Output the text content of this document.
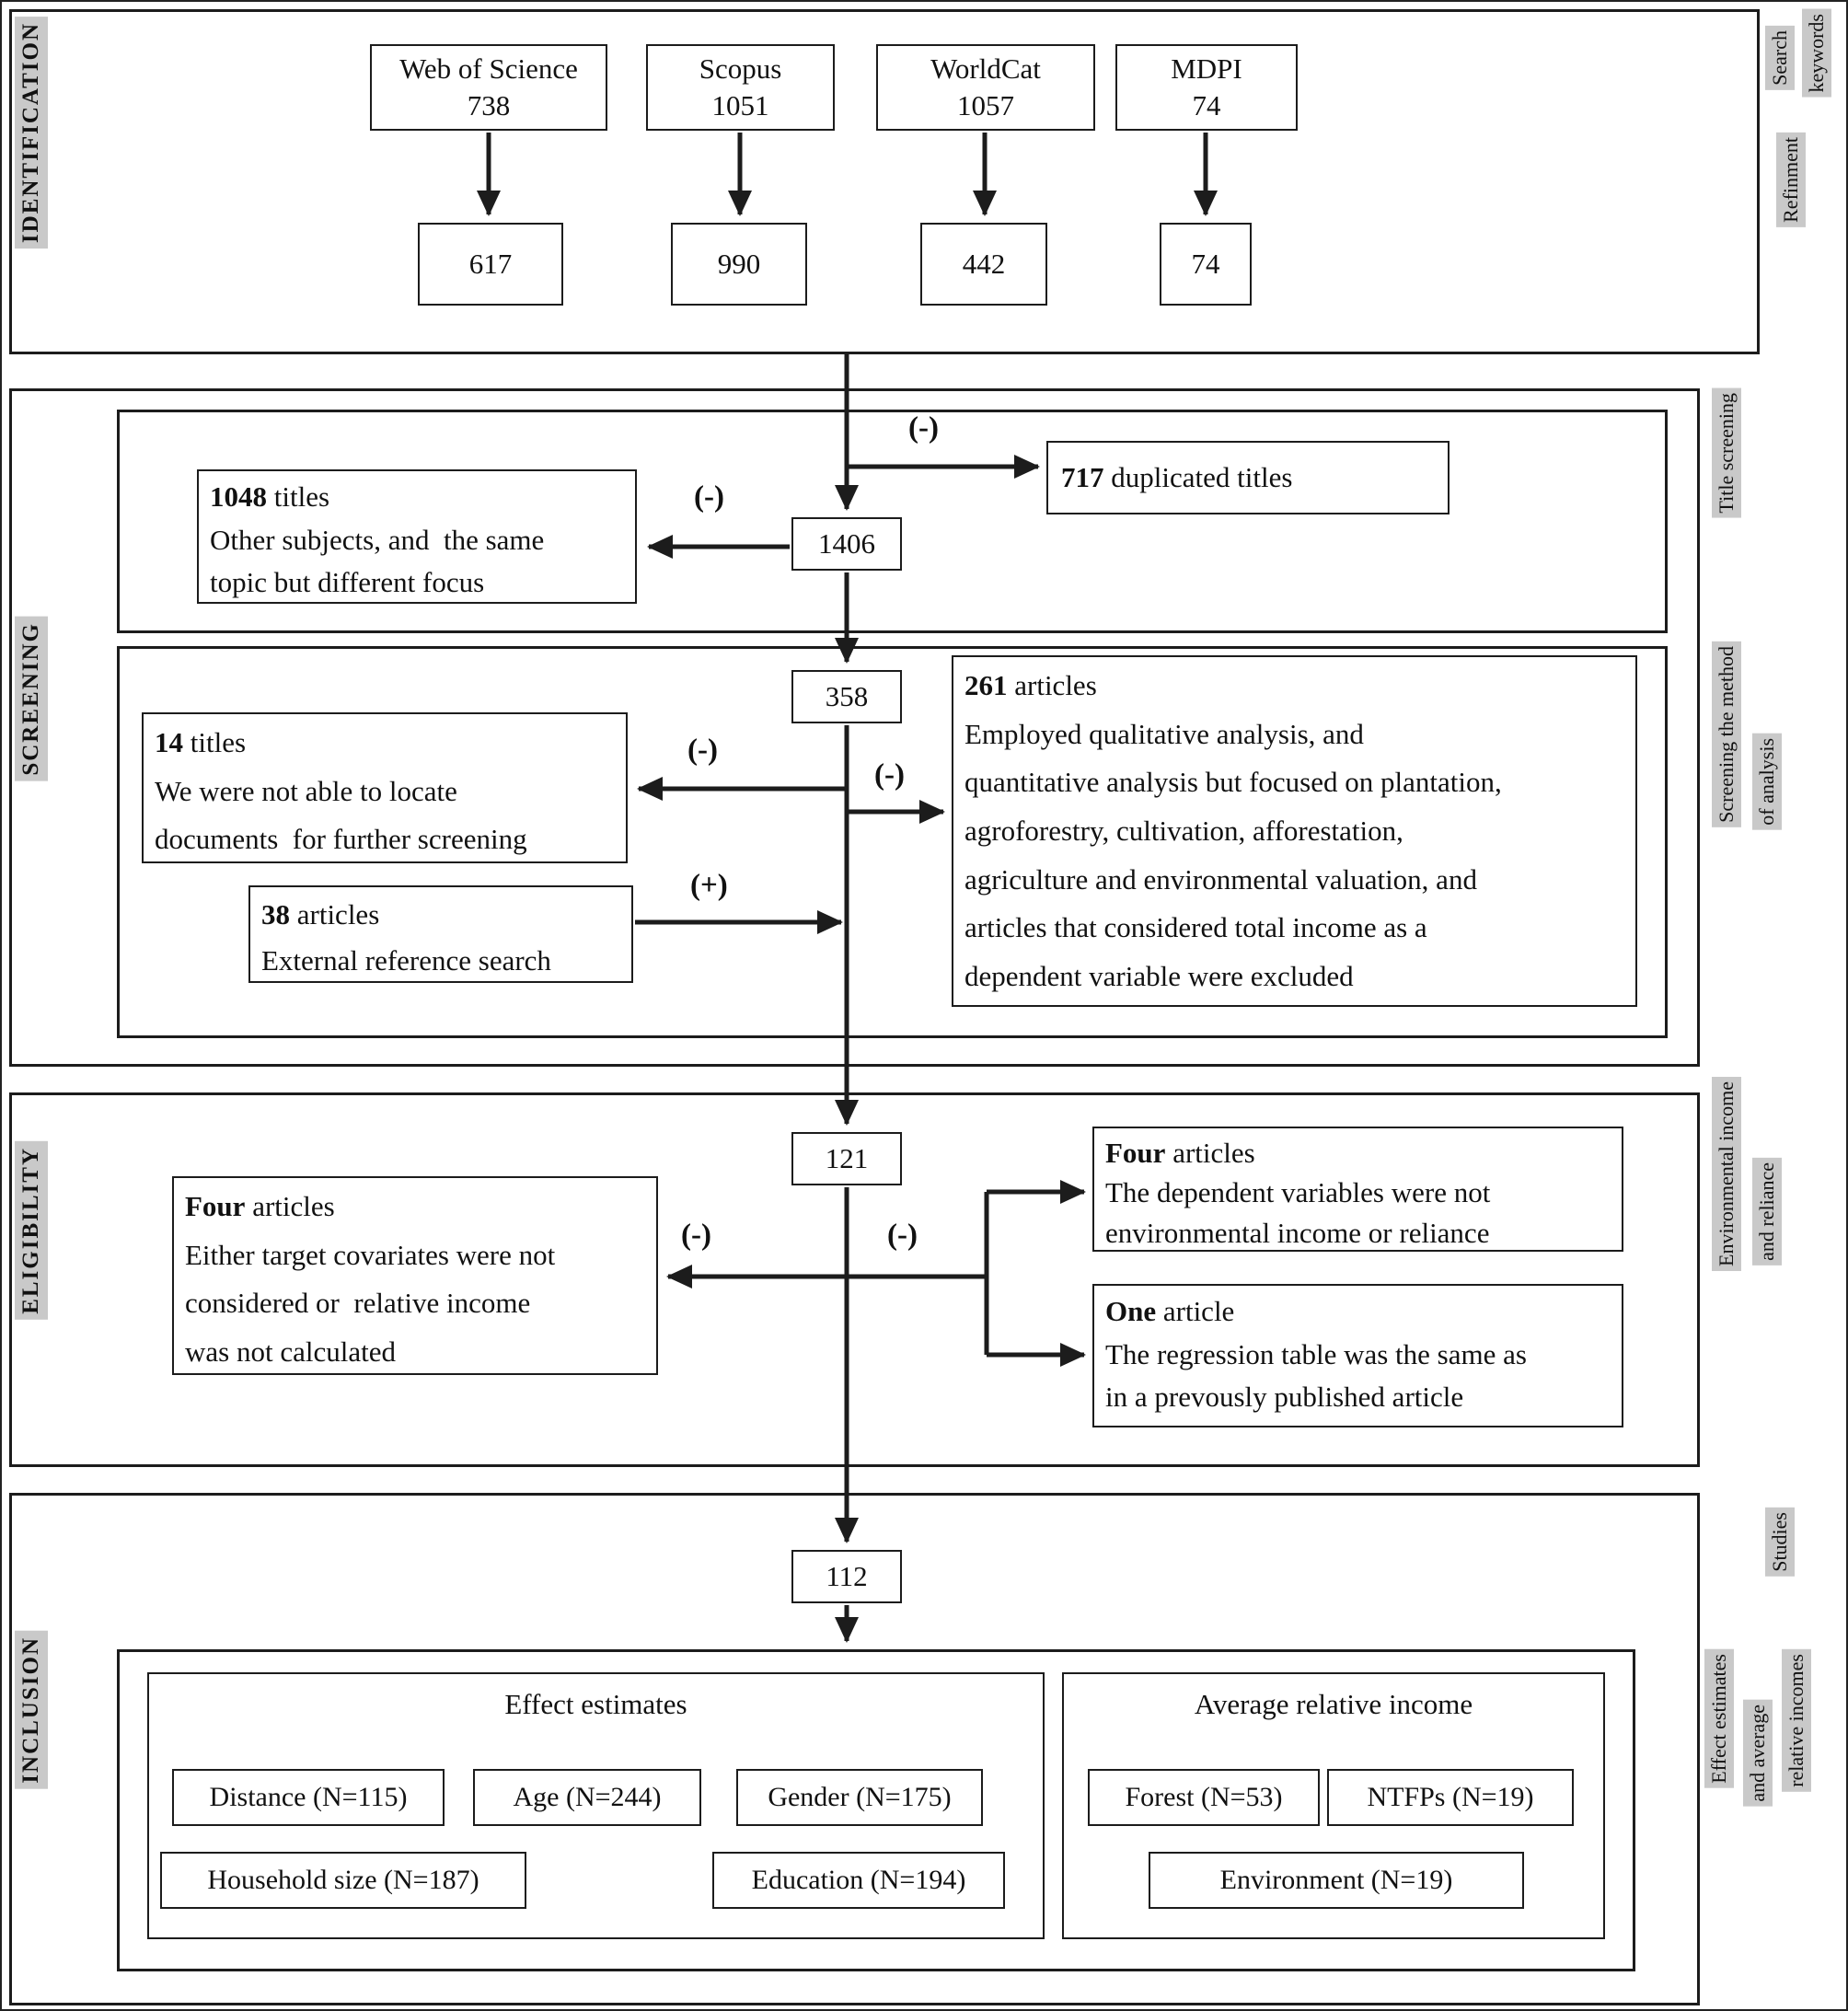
IDENTIFICATION
SCREENING
ELIGIBILITY
INCLUSION
Search keywords
Refinment
Title screening
Screening the method of analysis
Environmental income and reliance
Studies
Effect estimates and average relative incomes
Web of Science
738
Scopus
1051
WorldCat
1057
MDPI
74
617	990	442	74
717 duplicated titles
1406
1048 titles
Other subjects, and  the same
topic but different focus
358	261 articles
Employed qualitative analysis, and
quantitative analysis but focused on plantation,
agroforestry, cultivation, afforestation,
agriculture and environmental valuation, and
articles that considered total income as a
dependent variable were excluded
14 titles
We were not able to locate
documents  for further screening
38 articles
External reference search
(-)
(-)
(-)
(-)
(+)
121
Four articles
Either target covariates were not
considered or  relative income
was not calculated
Four articles
The dependent variables were not
environmental income or reliance
One article
The regression table was the same as
in a prevously published article
(-)	(-)
112
Effect estimates
Distance (N=115)	Age (N=244)	Gender (N=175)
Household size (N=187)	Education (N=194)
Average relative income
Forest (N=53)	NTFPs (N=19)
Environment (N=19)
